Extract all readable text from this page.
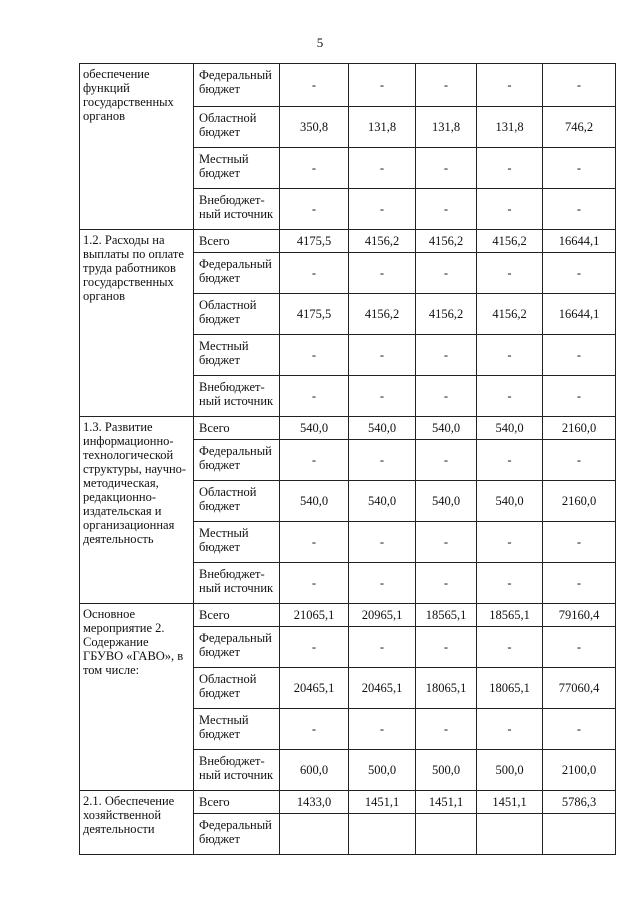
5
обеспечение функций государственных органов	Федеральный бюджет	-	-	-	-	-
	Областной бюджет	350,8	131,8	131,8	131,8	746,2
	Местный бюджет	-	-	-	-	-
	Внебюджет-ный источник	-	-	-	-	-
1.2. Расходы на выплаты по оплате труда работников государственных органов	Всего	4175,5	4156,2	4156,2	4156,2	16644,1
	Федеральный бюджет	-	-	-	-	-
	Областной бюджет	4175,5	4156,2	4156,2	4156,2	16644,1
	Местный бюджет	-	-	-	-	-
	Внебюджет-ный источник	-	-	-	-	-
1.3. Развитие информационно-технологической структуры, научно-методическая, редакционно-издательская и организационная деятельность	Всего	540,0	540,0	540,0	540,0	2160,0
	Федеральный бюджет	-	-	-	-	-
	Областной бюджет	540,0	540,0	540,0	540,0	2160,0
	Местный бюджет	-	-	-	-	-
	Внебюджет-ный источник	-	-	-	-	-
Основное мероприятие 2. Содержание ГБУВО «ГАВО», в том числе:	Всего	21065,1	20965,1	18565,1	18565,1	79160,4
	Федеральный бюджет	-	-	-	-	-
	Областной бюджет	20465,1	20465,1	18065,1	18065,1	77060,4
	Местный бюджет	-	-	-	-	-
	Внебюджет-ный источник	600,0	500,0	500,0	500,0	2100,0
2.1. Обеспечение хозяйственной деятельности	Всего	1433,0	1451,1	1451,1	1451,1	5786,3
	Федеральный бюджет					
